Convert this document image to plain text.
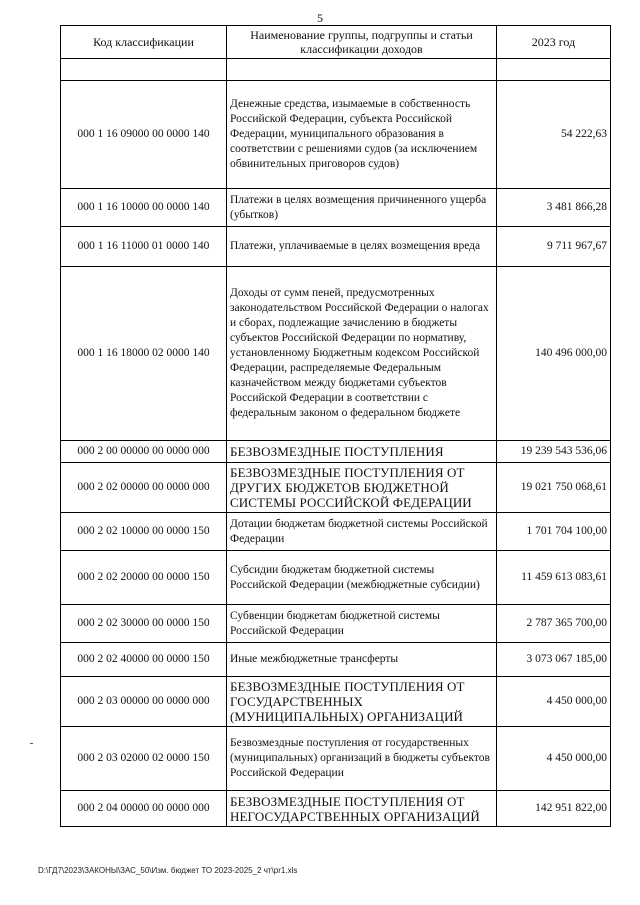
5
Код классификации	Наименование группы, подгруппы и статьи классификации доходов	2023 год

000 1 16 09000 00 0000 140	Денежные средства, изымаемые в собственность Российской Федерации, субъекта Российской Федерации, муниципального образования в соответствии с решениями судов (за исключением обвинительных приговоров судов)	54 222,63
000 1 16 10000 00 0000 140	Платежи в целях возмещения причиненного ущерба (убытков)	3 481 866,28
000 1 16 11000 01 0000 140	Платежи, уплачиваемые в целях возмещения вреда	9 711 967,67
000 1 16 18000 02 0000 140	Доходы от сумм пеней, предусмотренных законодательством Российской Федерации о налогах и сборах, подлежащие зачислению в бюджеты субъектов Российской Федерации по нормативу, установленному Бюджетным кодексом Российской Федерации, распределяемые Федеральным казначейством между бюджетами субъектов Российской Федерации в соответствии с федеральным законом о федеральном бюджете	140 496 000,00
000 2 00 00000 00 0000 000	БЕЗВОЗМЕЗДНЫЕ ПОСТУПЛЕНИЯ	19 239 543 536,06
000 2 02 00000 00 0000 000	БЕЗВОЗМЕЗДНЫЕ ПОСТУПЛЕНИЯ ОТ ДРУГИХ БЮДЖЕТОВ БЮДЖЕТНОЙ СИСТЕМЫ РОССИЙСКОЙ ФЕДЕРАЦИИ	19 021 750 068,61
000 2 02 10000 00 0000 150	Дотации бюджетам бюджетной системы Российской Федерации	1 701 704 100,00
000 2 02 20000 00 0000 150	Субсидии бюджетам бюджетной системы Российской Федерации (межбюджетные субсидии)	11 459 613 083,61
000 2 02 30000 00 0000 150	Субвенции бюджетам бюджетной системы Российской Федерации	2 787 365 700,00
000 2 02 40000 00 0000 150	Иные межбюджетные трансферты	3 073 067 185,00
000 2 03 00000 00 0000 000	БЕЗВОЗМЕЗДНЫЕ ПОСТУПЛЕНИЯ ОТ ГОСУДАРСТВЕННЫХ (МУНИЦИПАЛЬНЫХ) ОРГАНИЗАЦИЙ	4 450 000,00
000 2 03 02000 02 0000 150	Безвозмездные поступления от государственных (муниципальных) организаций в бюджеты субъектов Российской Федерации	4 450 000,00
000 2 04 00000 00 0000 000	БЕЗВОЗМЕЗДНЫЕ ПОСТУПЛЕНИЯ ОТ НЕГОСУДАРСТВЕННЫХ ОРГАНИЗАЦИЙ	142 951 822,00
D:\ГД7\2023\ЗАКОНЫ\ЗАС_50\Изм. бюджет ТО 2023-2025_2 чт\pr1.xls
